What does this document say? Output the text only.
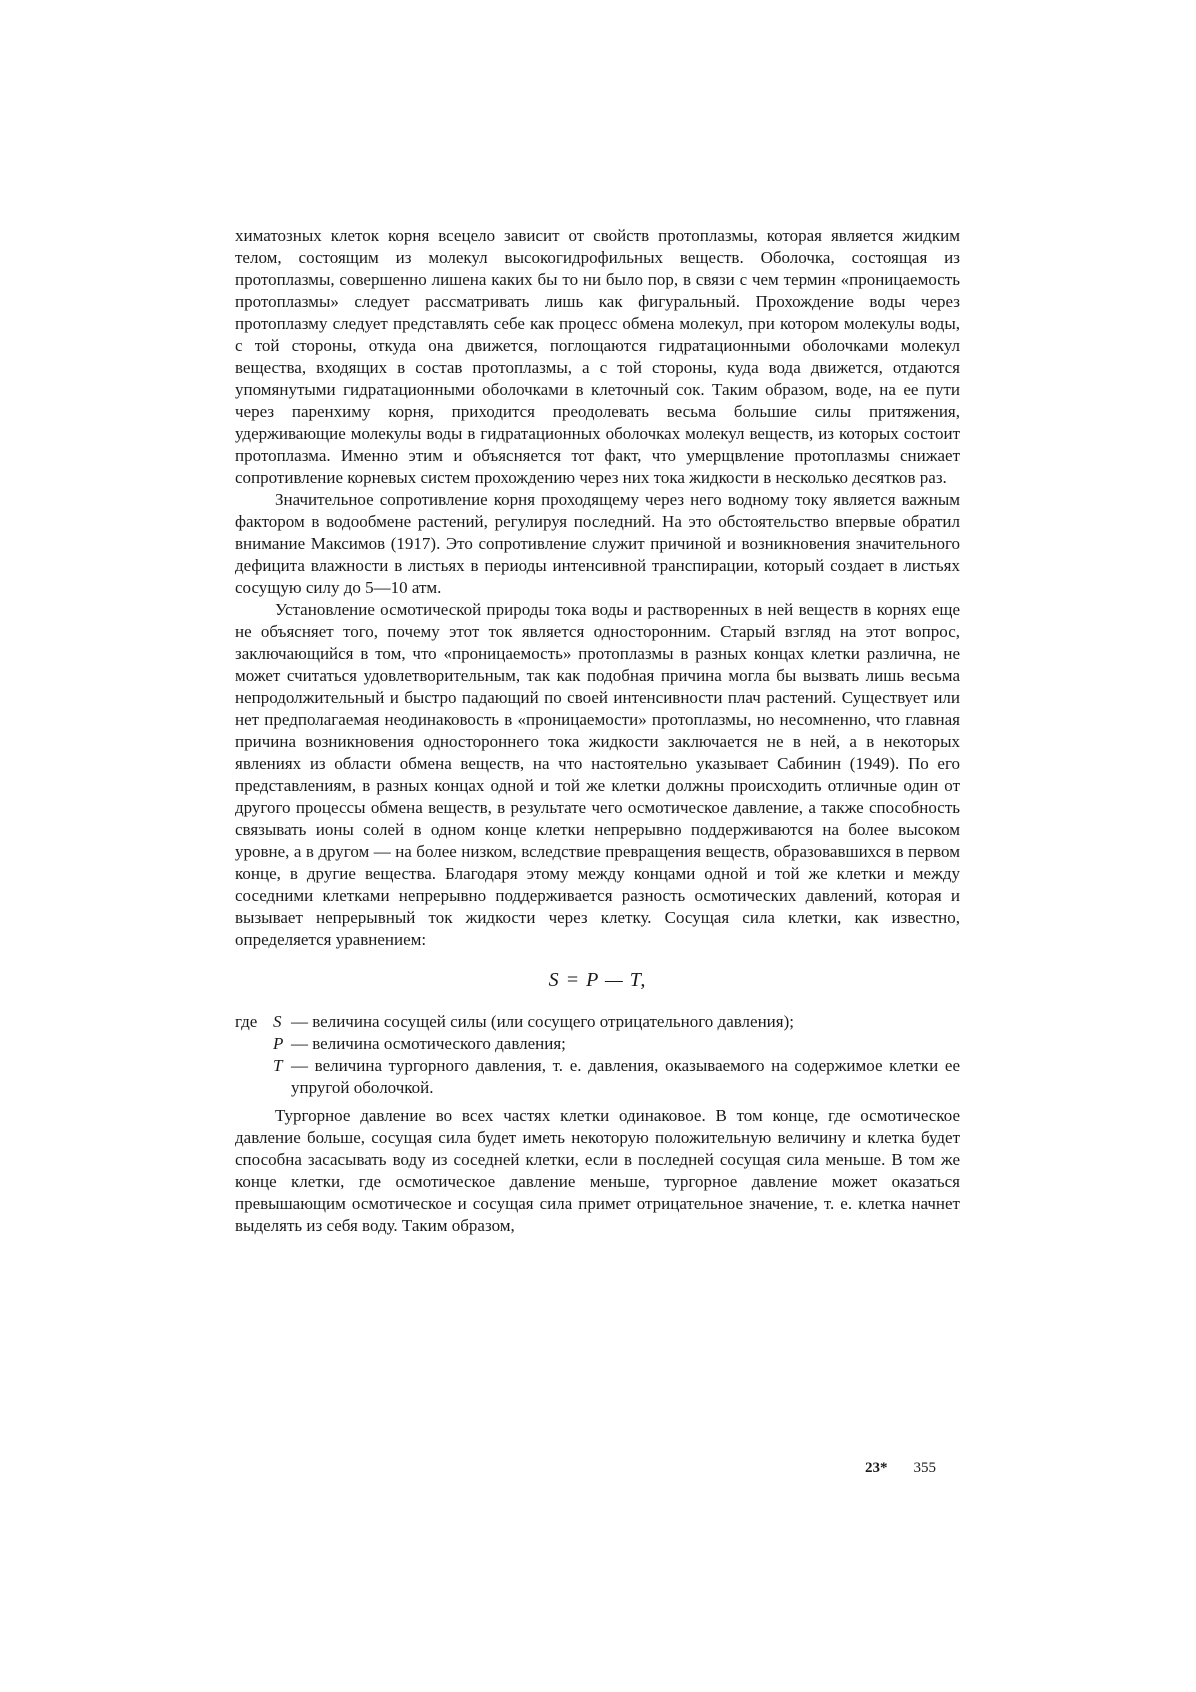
химатозных клеток корня всецело зависит от свойств протоплазмы, которая является жидким телом, состоящим из молекул высокогидрофильных веществ. Оболочка, состоящая из протоплазмы, совершенно лишена каких бы то ни было пор, в связи с чем термин «проницаемость протоплазмы» следует рассматривать лишь как фигуральный. Прохождение воды через протоплазму следует представлять себе как процесс обмена молекул, при котором молекулы воды, с той стороны, откуда она движется, поглощаются гидратационными оболочками молекул вещества, входящих в состав протоплазмы, а с той стороны, куда вода движется, отдаются упомянутыми гидратационными оболочками в клеточный сок. Таким образом, воде, на ее пути через паренхиму корня, приходится преодолевать весьма большие силы притяжения, удерживающие молекулы воды в гидратационных оболочках молекул веществ, из которых состоит протоплазма. Именно этим и объясняется тот факт, что умерщвление протоплазмы снижает сопротивление корневых систем прохождению через них тока жидкости в несколько десятков раз.

Значительное сопротивление корня проходящему через него водному току является важным фактором в водообмене растений, регулируя последний. На это обстоятельство впервые обратил внимание Максимов (1917). Это сопротивление служит причиной и возникновения значительного дефицита влажности в листьях в периоды интенсивной транспирации, который создает в листьях сосущую силу до 5—10 атм.

Установление осмотической природы тока воды и растворенных в ней веществ в корнях еще не объясняет того, почему этот ток является односторонним. Старый взгляд на этот вопрос, заключающийся в том, что «проницаемость» протоплазмы в разных концах клетки различна, не может считаться удовлетворительным, так как подобная причина могла бы вызвать лишь весьма непродолжительный и быстро падающий по своей интенсивности плач растений. Существует или нет предполагаемая неодинаковость в «проницаемости» протоплазмы, но несомненно, что главная причина возникновения одностороннего тока жидкости заключается не в ней, а в некоторых явлениях из области обмена веществ, на что настоятельно указывает Сабинин (1949). По его представлениям, в разных концах одной и той же клетки должны происходить отличные один от другого процессы обмена веществ, в результате чего осмотическое давление, а также способность связывать ионы солей в одном конце клетки непрерывно поддерживаются на более высоком уровне, а в другом — на более низком, вследствие превращения веществ, образовавшихся в первом конце, в другие вещества. Благодаря этому между концами одной и той же клетки и между соседними клетками непрерывно поддерживается разность осмотических давлений, которая и вызывает непрерывный ток жидкости через клетку. Сосущая сила клетки, как известно, определяется уравнением:

S = P — T,
где S — величина сосущей силы (или сосущего отрицательного давления);
P — величина осмотического давления;
T — величина тургорного давления, т. е. давления, оказываемого на содержимое клетки ее упругой оболочкой.

Тургорное давление во всех частях клетки одинаковое. В том конце, где осмотическое давление больше, сосущая сила будет иметь некоторую положительную величину и клетка будет способна засасывать воду из соседней клетки, если в последней сосущая сила меньше. В том же конце клетки, где осмотическое давление меньше, тургорное давление может оказаться превышающим осмотическое и сосущая сила примет отрицательное значение, т. е. клетка начнет выделять из себя воду. Таким образом,

23* 355
